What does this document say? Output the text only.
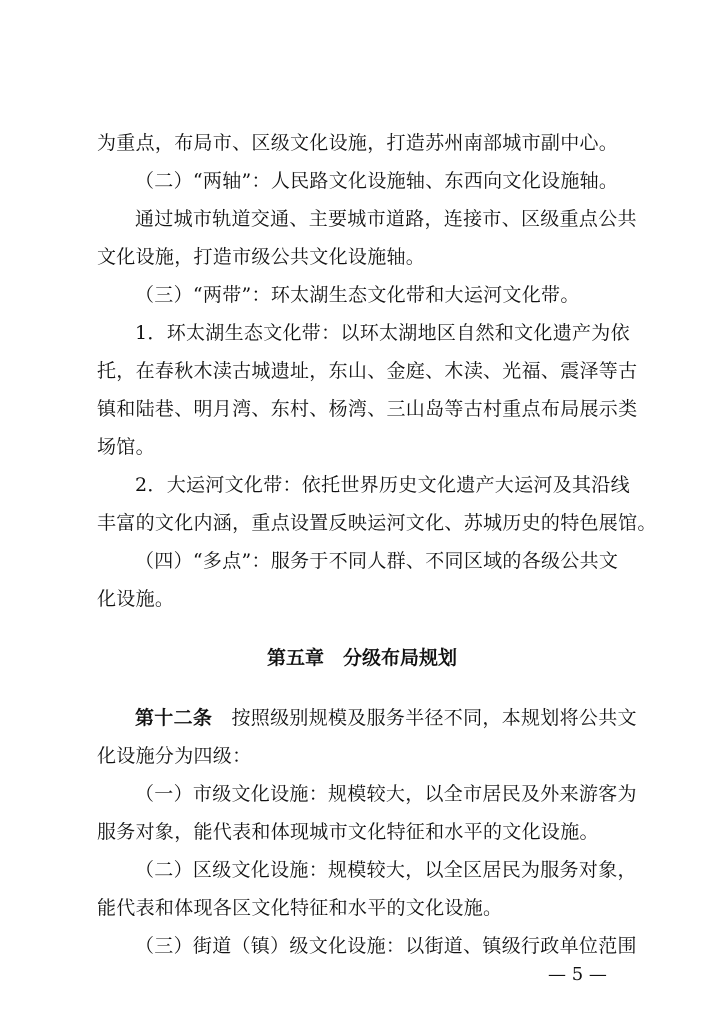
为重点，布局市、区级文化设施，打造苏州南部城市副中心。
（二）“两轴”：人民路文化设施轴、东西向文化设施轴。
通过城市轨道交通、主要城市道路，连接市、区级重点公共
文化设施，打造市级公共文化设施轴。
（三）“两带”：环太湖生态文化带和大运河文化带。
1．环太湖生态文化带：以环太湖地区自然和文化遗产为依
托，在春秋木渎古城遗址，东山、金庭、木渎、光福、震泽等古
镇和陆巷、明月湾、东村、杨湾、三山岛等古村重点布局展示类
场馆。
2．大运河文化带：依托世界历史文化遗产大运河及其沿线
丰富的文化内涵，重点设置反映运河文化、苏城历史的特色展馆。
（四）“多点”：服务于不同人群、不同区域的各级公共文
化设施。
第五章　分级布局规划
第十二条　按照级别规模及服务半径不同，本规划将公共文
化设施分为四级：
（一）市级文化设施：规模较大，以全市居民及外来游客为
服务对象，能代表和体现城市文化特征和水平的文化设施。
（二）区级文化设施：规模较大，以全区居民为服务对象，
能代表和体现各区文化特征和水平的文化设施。
（三）街道（镇）级文化设施：以街道、镇级行政单位范围
— 5 —
